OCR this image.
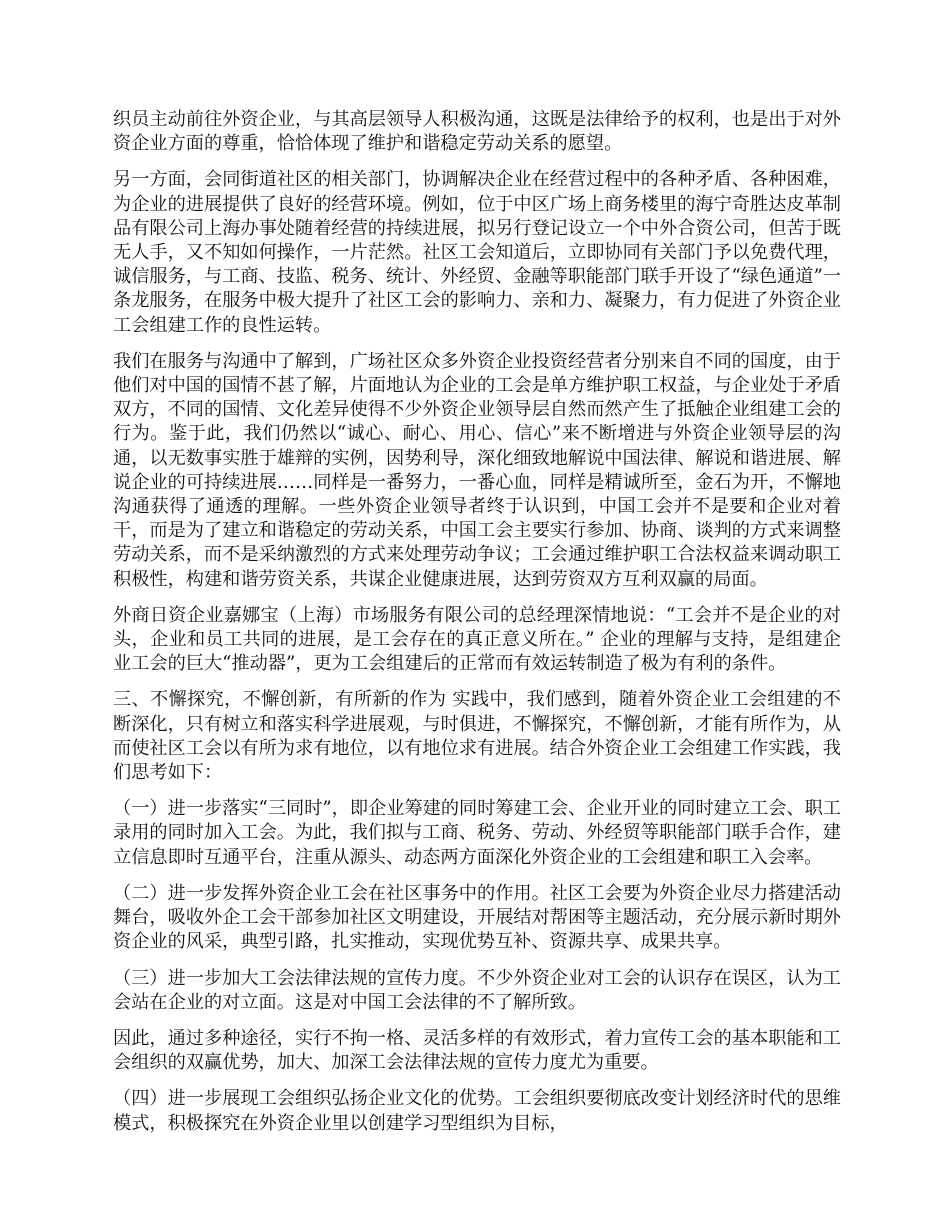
织员主动前往外资企业，与其高层领导人积极沟通，这既是法律给予的权利，也是出于对外资企业方面的尊重，恰恰体现了维护和谐稳定劳动关系的愿望。

另一方面，会同街道社区的相关部门，协调解决企业在经营过程中的各种矛盾、各种困难，为企业的进展提供了良好的经营环境。例如，位于中区广场上商务楼里的海宁奇胜达皮革制品有限公司上海办事处随着经营的持续进展，拟另行登记设立一个中外合资公司，但苦于既无人手，又不知如何操作，一片茫然。社区工会知道后，立即协同有关部门予以免费代理，诚信服务，与工商、技监、税务、统计、外经贸、金融等职能部门联手开设了“绿色通道”一条龙服务，在服务中极大提升了社区工会的影响力、亲和力、凝聚力，有力促进了外资企业工会组建工作的良性运转。

我们在服务与沟通中了解到，广场社区众多外资企业投资经营者分别来自不同的国度，由于他们对中国的国情不甚了解，片面地认为企业的工会是单方维护职工权益，与企业处于矛盾双方，不同的国情、文化差异使得不少外资企业领导层自然而然产生了抵触企业组建工会的行为。鉴于此，我们仍然以“诚心、耐心、用心、信心”来不断增进与外资企业领导层的沟通，以无数事实胜于雄辩的实例，因势利导，深化细致地解说中国法律、解说和谐进展、解说企业的可持续进展……同样是一番努力，一番心血，同样是精诚所至，金石为开，不懈地沟通获得了通透的理解。一些外资企业领导者终于认识到，中国工会并不是要和企业对着干，而是为了建立和谐稳定的劳动关系，中国工会主要实行参加、协商、谈判的方式来调整劳动关系，而不是采纳激烈的方式来处理劳动争议；工会通过维护职工合法权益来调动职工积极性，构建和谐劳资关系，共谋企业健康进展，达到劳资双方互利双赢的局面。

外商日资企业嘉娜宝（上海）市场服务有限公司的总经理深情地说：“工会并不是企业的对头，企业和员工共同的进展，是工会存在的真正意义所在。” 企业的理解与支持，是组建企业工会的巨大“推动器”，更为工会组建后的正常而有效运转制造了极为有利的条件。

三、不懈探究，不懈创新，有所新的作为 实践中，我们感到，随着外资企业工会组建的不断深化，只有树立和落实科学进展观，与时俱进，不懈探究，不懈创新，才能有所作为，从而使社区工会以有所为求有地位，以有地位求有进展。结合外资企业工会组建工作实践，我们思考如下：

（一）进一步落实“三同时”，即企业筹建的同时筹建工会、企业开业的同时建立工会、职工录用的同时加入工会。为此，我们拟与工商、税务、劳动、外经贸等职能部门联手合作，建立信息即时互通平台，注重从源头、动态两方面深化外资企业的工会组建和职工入会率。

（二）进一步发挥外资企业工会在社区事务中的作用。社区工会要为外资企业尽力搭建活动舞台，吸收外企工会干部参加社区文明建设，开展结对帮困等主题活动，充分展示新时期外资企业的风采，典型引路，扎实推动，实现优势互补、资源共享、成果共享。

（三）进一步加大工会法律法规的宣传力度。不少外资企业对工会的认识存在误区，认为工会站在企业的对立面。这是对中国工会法律的不了解所致。

因此，通过多种途径，实行不拘一格、灵活多样的有效形式，着力宣传工会的基本职能和工会组织的双赢优势，加大、加深工会法律法规的宣传力度尤为重要。

（四）进一步展现工会组织弘扬企业文化的优势。工会组织要彻底改变计划经济时代的思维模式，积极探究在外资企业里以创建学习型组织为目标，
